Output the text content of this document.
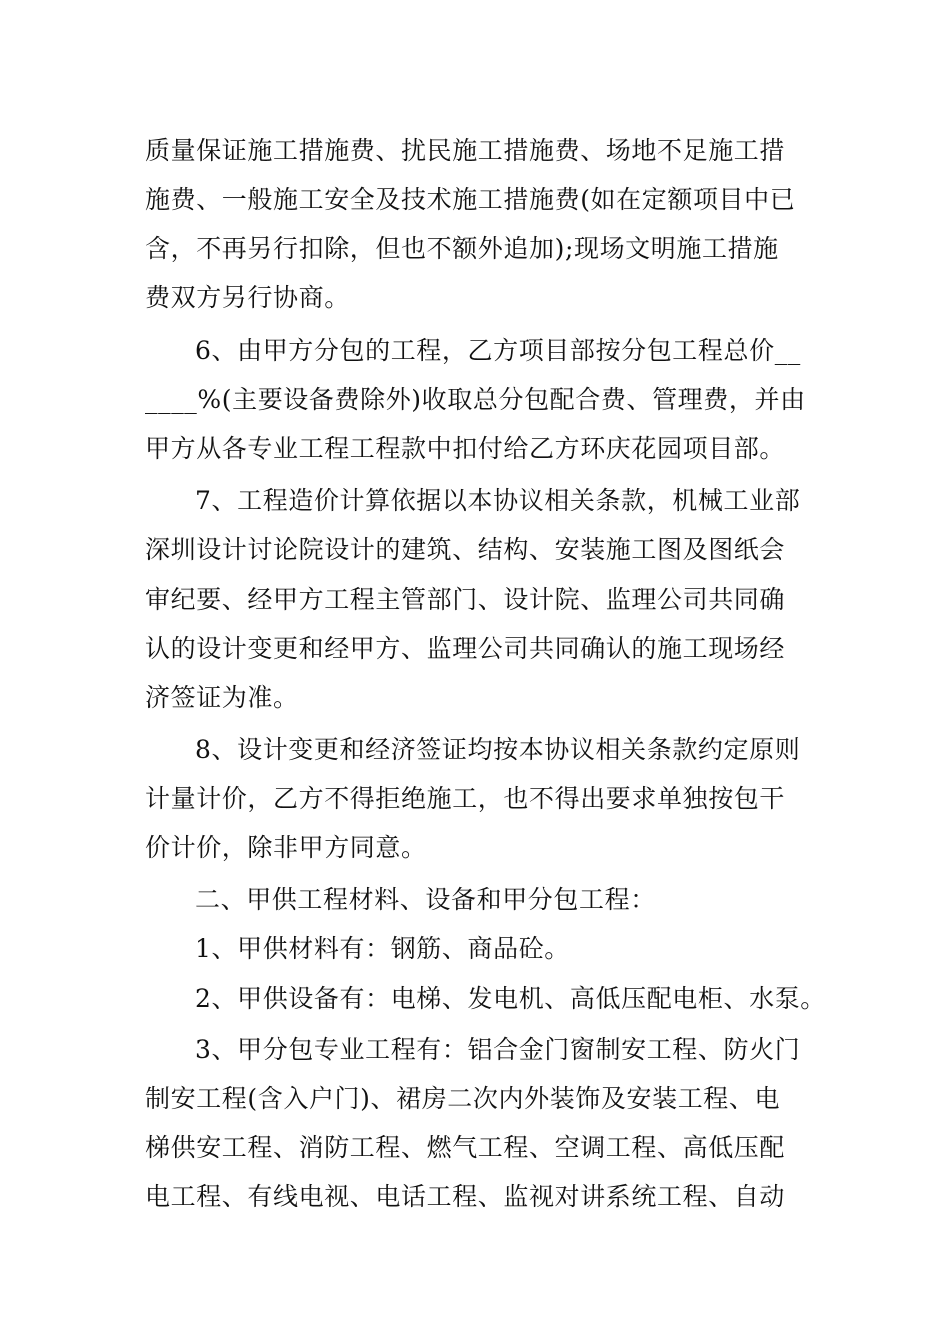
质量保证施工措施费、扰民施工措施费、场地不足施工措
施费、一般施工安全及技术施工措施费(如在定额项目中已
含，不再另行扣除，但也不额外追加);现场文明施工措施
费双方另行协商。
6、由甲方分包的工程，乙方项目部按分包工程总价__
____%(主要设备费除外)收取总分包配合费、管理费，并由
甲方从各专业工程工程款中扣付给乙方环庆花园项目部。
7、工程造价计算依据以本协议相关条款，机械工业部
深圳设计讨论院设计的建筑、结构、安装施工图及图纸会
审纪要、经甲方工程主管部门、设计院、监理公司共同确
认的设计变更和经甲方、监理公司共同确认的施工现场经
济签证为准。
8、设计变更和经济签证均按本协议相关条款约定原则
计量计价，乙方不得拒绝施工，也不得出要求单独按包干
价计价，除非甲方同意。
二、甲供工程材料、设备和甲分包工程：
1、甲供材料有：钢筋、商品砼。
2、甲供设备有：电梯、发电机、高低压配电柜、水泵。
3、甲分包专业工程有：铝合金门窗制安工程、防火门
制安工程(含入户门)、裙房二次内外装饰及安装工程、电
梯供安工程、消防工程、燃气工程、空调工程、高低压配
电工程、有线电视、电话工程、监视对讲系统工程、自动
